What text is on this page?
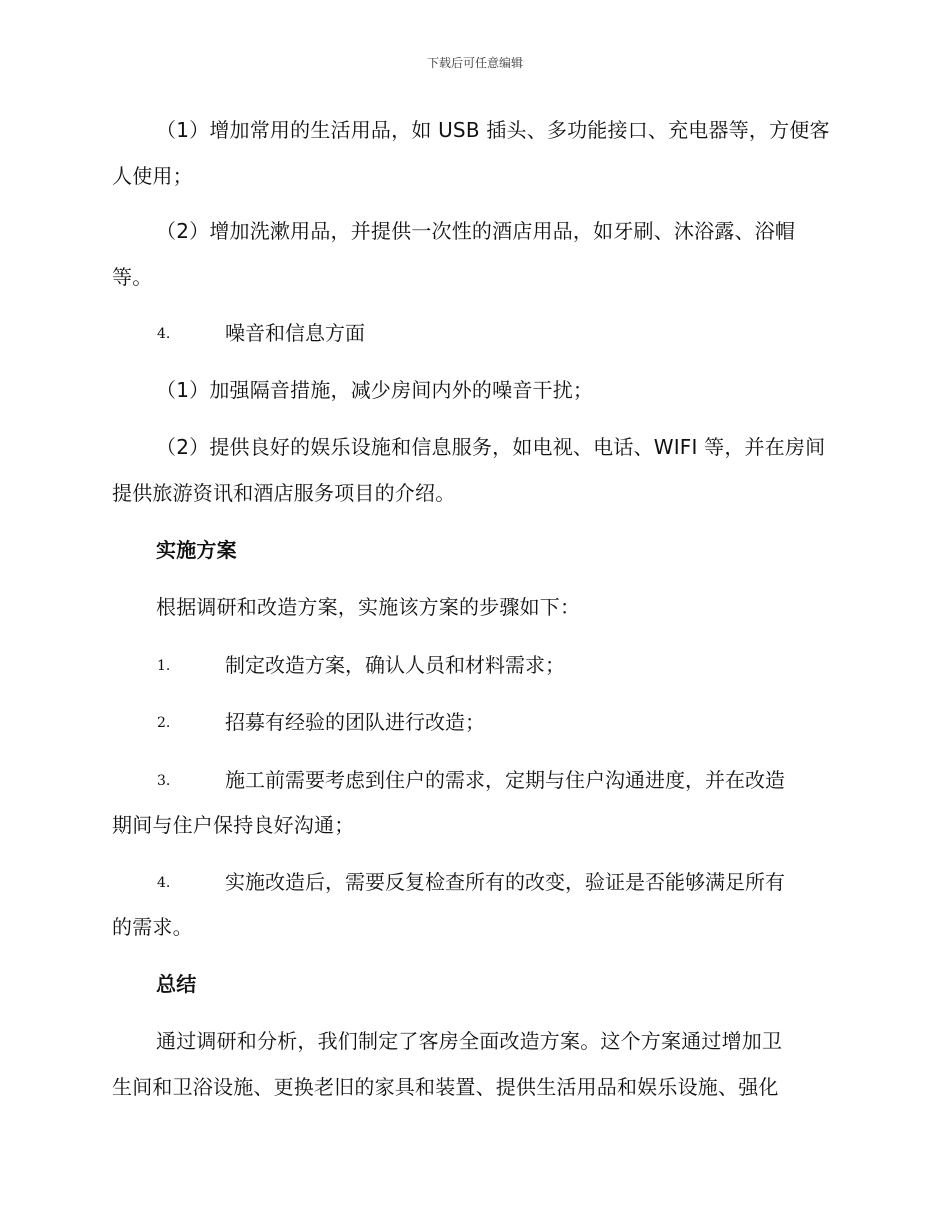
下载后可任意编辑

（1）增加常用的生活用品，如 USB 插头、多功能接口、充电器等，方便客人使用；

（2）增加洗漱用品，并提供一次性的酒店用品，如牙刷、沐浴露、浴帽等。

4.	噪音和信息方面

（1）加强隔音措施，减少房间内外的噪音干扰；

（2）提供良好的娱乐设施和信息服务，如电视、电话、WIFI 等，并在房间提供旅游资讯和酒店服务项目的介绍。

实施方案

根据调研和改造方案，实施该方案的步骤如下：

1.	制定改造方案，确认人员和材料需求；
2.	招募有经验的团队进行改造；
3.	施工前需要考虑到住户的需求，定期与住户沟通进度，并在改造
期间与住户保持良好沟通；
4.	实施改造后，需要反复检查所有的改变，验证是否能够满足所有
的需求。

总结

通过调研和分析，我们制定了客房全面改造方案。这个方案通过增加卫

生间和卫浴设施、更换老旧的家具和装置、提供生活用品和娱乐设施、强化
